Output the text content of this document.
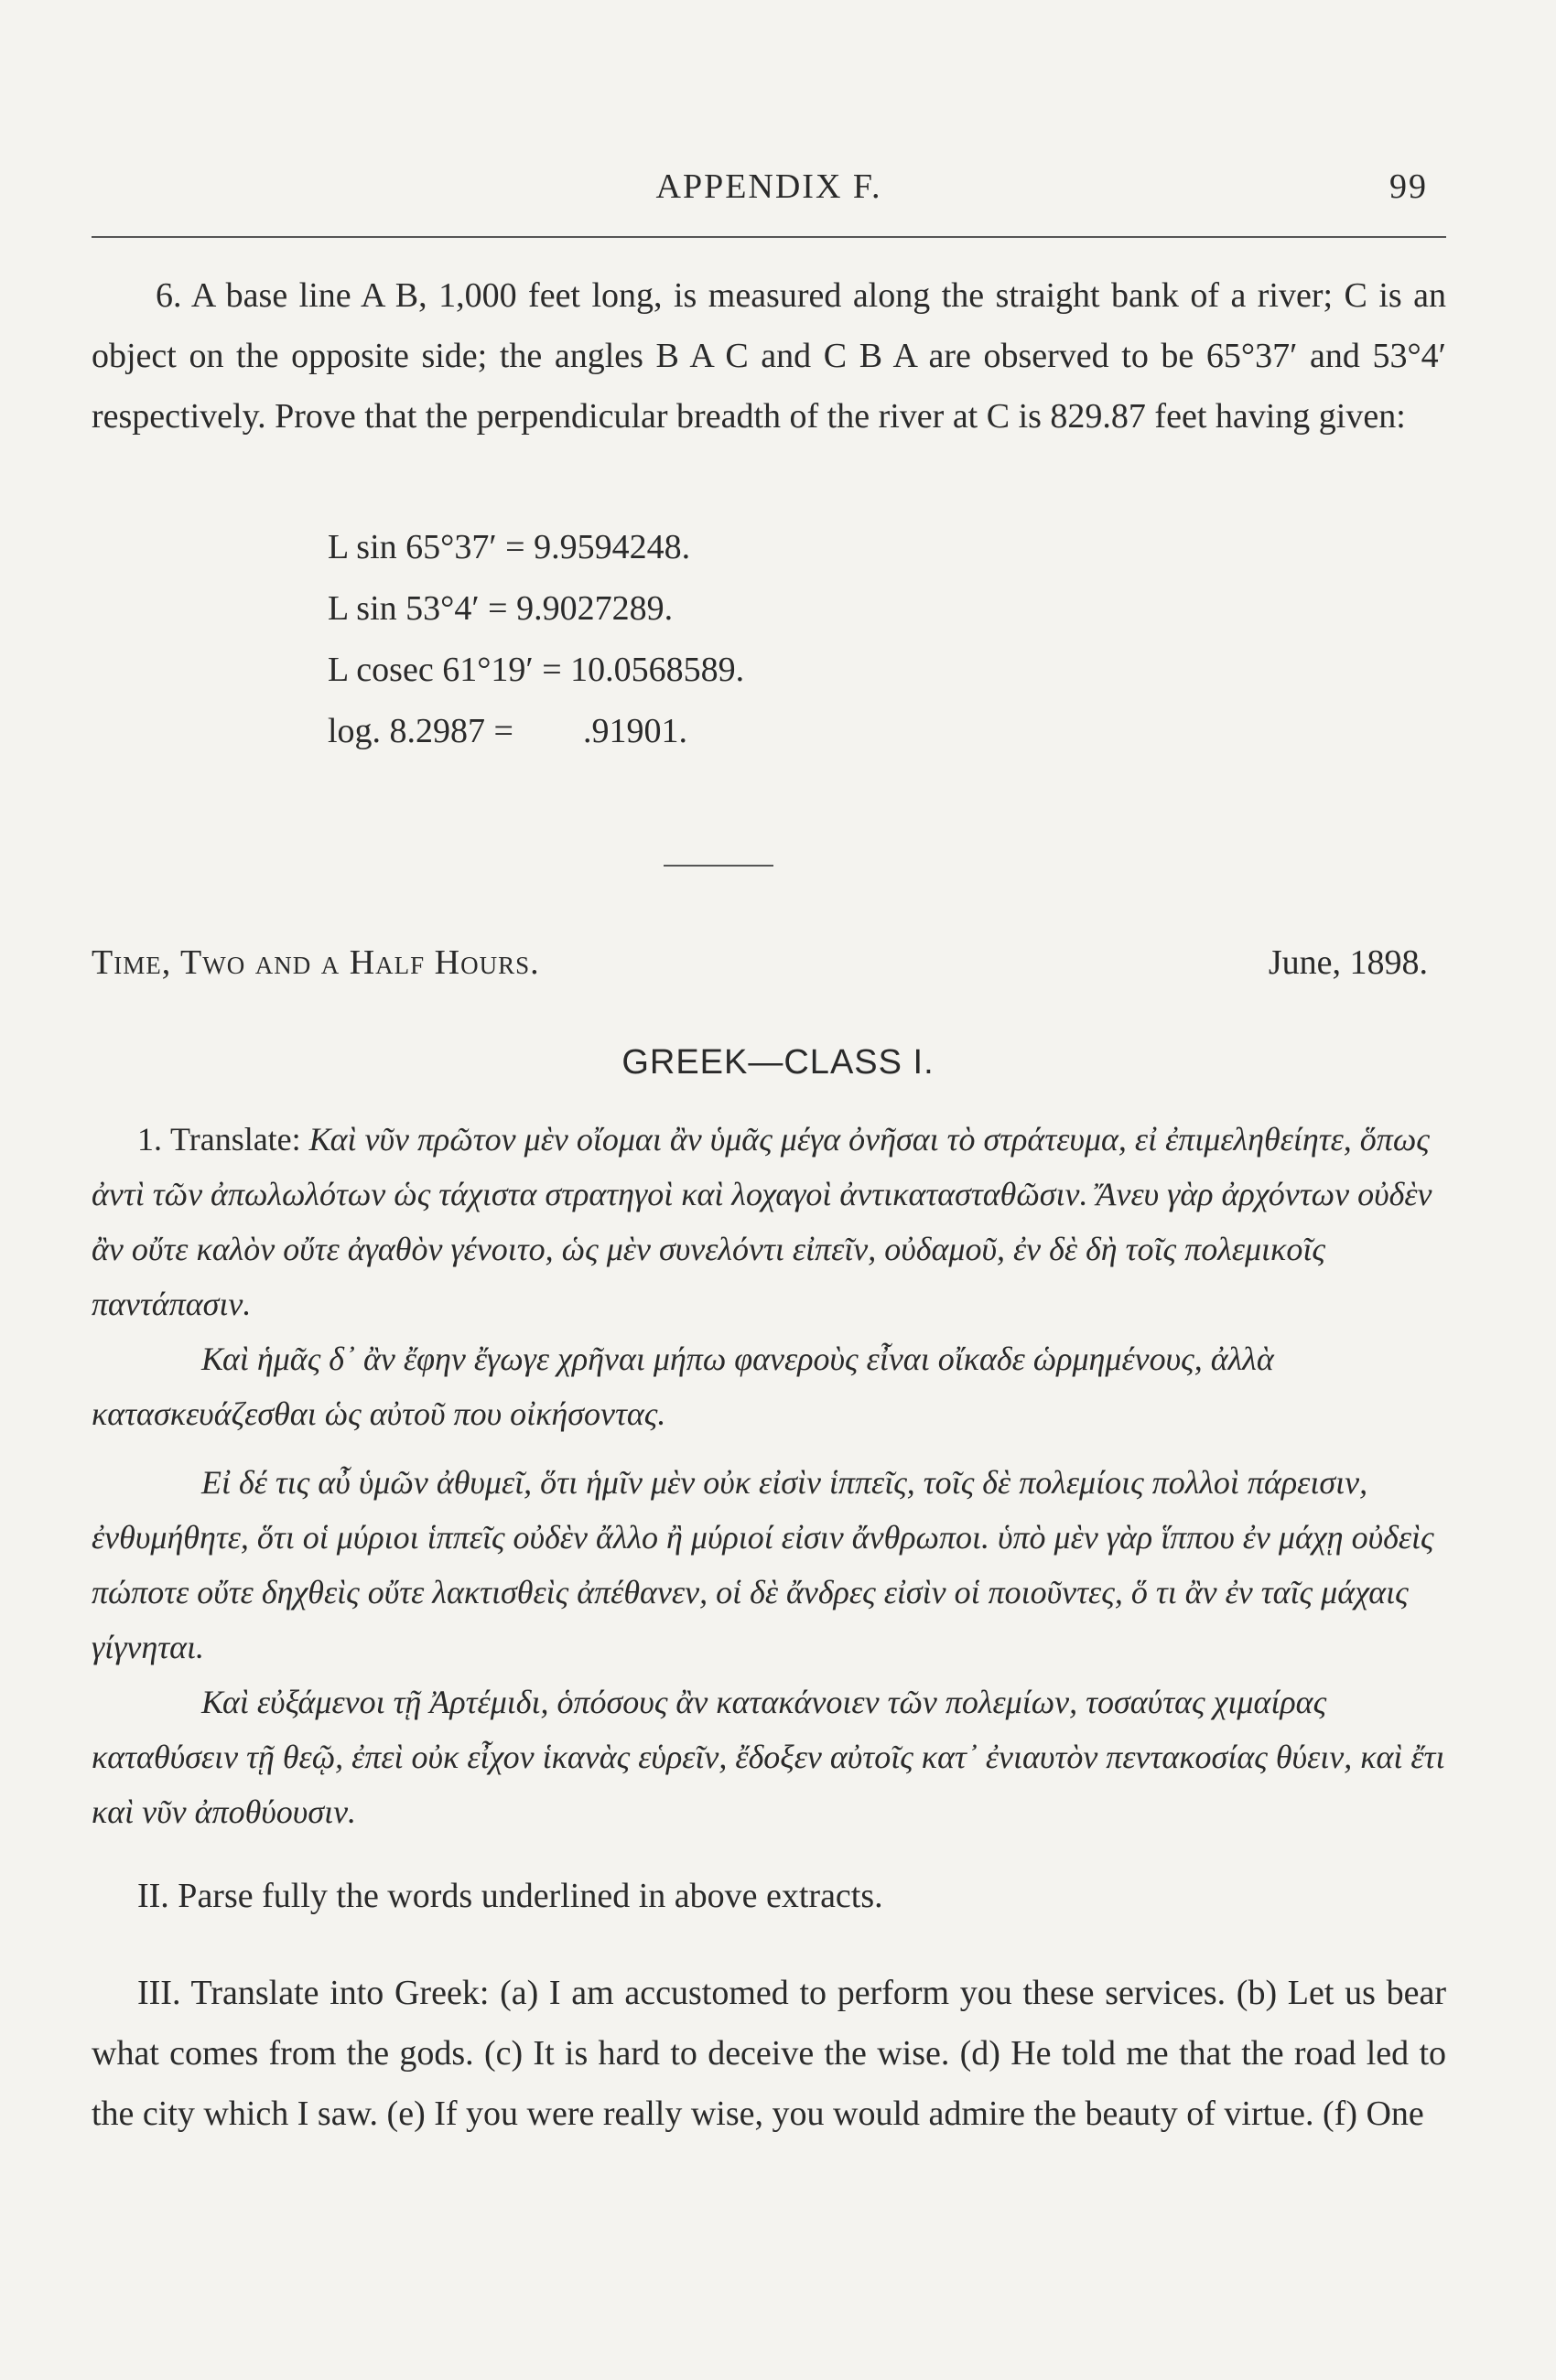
APPENDIX F.	99
6. A base line A B, 1,000 feet long, is measured along the straight bank of a river; C is an object on the opposite side; the angles B A C and C B A are observed to be 65°37′ and 53°4′ respectively. Prove that the perpendicular breadth of the river at C is 829.87 feet having given:
L sin 65°37′ = 9.9594248.
L sin 53°4′ = 9.9027289.
L cosec 61°19′ = 10.0568589.
log. 8.2987 =        .91901.
Time, Two and a Half Hours.	June, 1898.
GREEK—CLASS I.
1. Translate: Καὶ νῦν πρῶτον μὲν οἴομαι ἂν ὑμᾶς μέγα ὀνῆσαι τὸ στράτευμα, εἰ ἐπιμεληθείητε, ὅπως ἀντὶ τῶν ἀπωλωλότων ὡς τάχιστα στρατηγοὶ καὶ λοχαγοὶ ἀντικατασταθῶσιν. Ἄνευ γὰρ ἀρχόντων οὐδὲν ἂν οὔτε καλὸν οὔτε ἀγαθὸν γένοιτο, ὡς μὲν συνελόντι εἰπεῖν, οὐδαμοῦ, ἐν δὲ δὴ τοῖς πολεμικοῖς παντάπασιν.
Καὶ ἡμᾶς δ᾽ ἂν ἔφην ἔγωγε χρῆναι μήπω φανεροὺς εἶναι οἴκαδε ὡρμημένους, ἀλλὰ κατασκευάζεσθαι ὡς αὐτοῦ που οἰκήσοντας.
Εἰ δέ τις αὖ ὑμῶν ἀθυμεῖ, ὅτι ἡμῖν μὲν οὐκ εἰσὶν ἱππεῖς, τοῖς δὲ πολεμίοις πολλοὶ πάρεισιν, ἐνθυμήθητε, ὅτι οἱ μύριοι ἱππεῖς οὐδὲν ἄλλο ἢ μύριοί εἰσιν ἄνθρωποι. ὑπὸ μὲν γὰρ ἵππου ἐν μάχῃ οὐδεὶς πώποτε οὔτε δηχθεὶς οὔτε λακτισθεὶς ἀπέθανεν, οἱ δὲ ἄνδρες εἰσὶν οἱ ποιοῦντες, ὅ τι ἂν ἐν ταῖς μάχαις γίγνηται.
Καὶ εὐξάμενοι τῇ Ἀρτέμιδι, ὁπόσους ἂν κατακάνοιεν τῶν πολεμίων, τοσαύτας χιμαίρας καταθύσειν τῇ θεῷ, ἐπεὶ οὐκ εἶχον ἱκανὰς εὑρεῖν, ἔδοξεν αὐτοῖς κατ᾽ ἐνιαυτὸν πεντακοσίας θύειν, καὶ ἔτι καὶ νῦν ἀποθύουσιν.
II. Parse fully the words underlined in above extracts.
III. Translate into Greek: (a) I am accustomed to perform you these services. (b) Let us bear what comes from the gods. (c) It is hard to deceive the wise. (d) He told me that the road led to the city which I saw. (e) If you were really wise, you would admire the beauty of virtue. (f) One
